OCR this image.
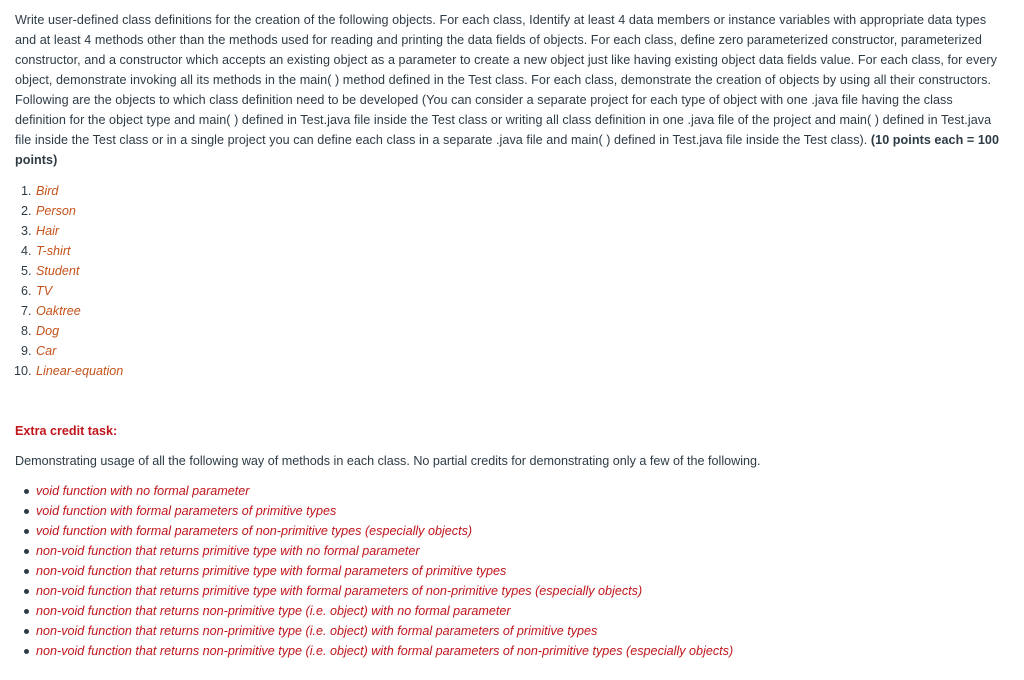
Write user-defined class definitions for the creation of the following objects. For each class, Identify at least 4 data members or instance variables with appropriate data types and at least 4 methods other than the methods used for reading and printing the data fields of objects. For each class, define zero parameterized constructor, parameterized constructor, and a constructor which accepts an existing object as a parameter to create a new object just like having existing object data fields value. For each class, for every object, demonstrate invoking all its methods in the main( ) method defined in the Test class. For each class, demonstrate the creation of objects by using all their constructors. Following are the objects to which class definition need to be developed (You can consider a separate project for each type of object with one .java file having the class definition for the object type and main( ) defined in Test.java file inside the Test class or writing all class definition in one .java file of the project and main( ) defined in Test.java file inside the Test class or in a single project you can define each class in a separate .java file and main( ) defined in Test.java file inside the Test class). (10 points each = 100 points)

1. Bird
2. Person
3. Hair
4. T-shirt
5. Student
6. TV
7. Oaktree
8. Dog
9. Car
10. Linear-equation

Extra credit task:

Demonstrating usage of all the following way of methods in each class. No partial credits for demonstrating only a few of the following.

void function with no formal parameter
void function with formal parameters of primitive types
void function with formal parameters of non-primitive types (especially objects)
non-void function that returns primitive type with no formal parameter
non-void function that returns primitive type with formal parameters of primitive types
non-void function that returns primitive type with formal parameters of non-primitive types (especially objects)
non-void function that returns non-primitive type (i.e. object) with no formal parameter
non-void function that returns non-primitive type (i.e. object) with formal parameters of primitive types
non-void function that returns non-primitive type (i.e. object) with formal parameters of non-primitive types (especially objects)
